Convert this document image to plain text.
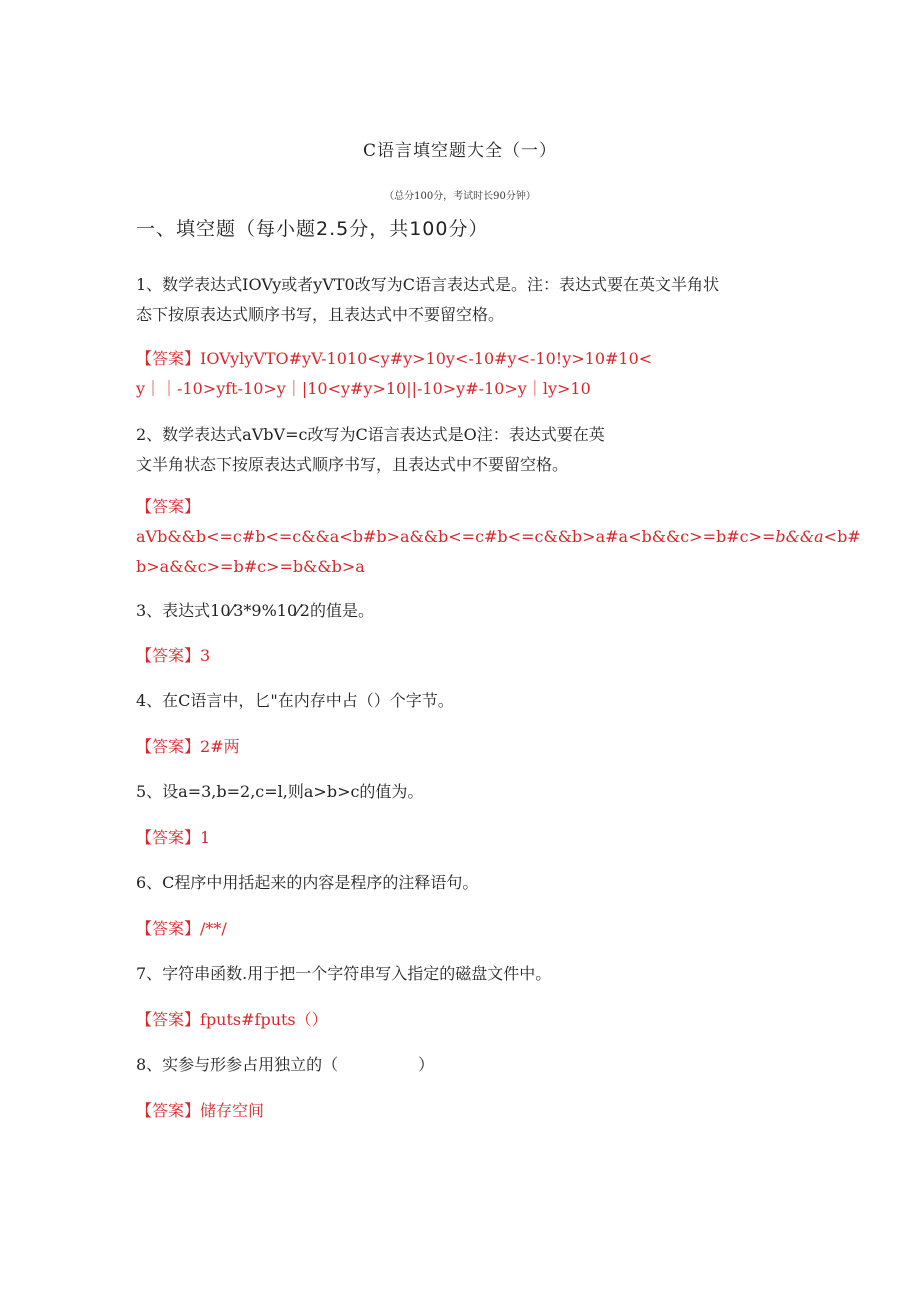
C语言填空题大全（一）
（总分100分，考试时长90分钟）
一、填空题（每小题2.5分，共100分）
1、数学表达式IOVy或者yVT0改写为C语言表达式是。注：表达式要在英文半角状
态下按原表达式顺序书写，且表达式中不要留空格。
【答案】IOVylyVTO#yV-1010<y#y>10y<-10#y<-10!y>10#10<
y｜｜-10>yft-10>y｜|10<y#y>10||-10>y#-10>y｜ly>10
2、数学表达式aVbV=c改写为C语言表达式是O注：表达式要在英
文半角状态下按原表达式顺序书写，且表达式中不要留空格。
【答案】
aVb&&b<=c#b<=c&&a<b#b>a&&b<=c#b<=c&&b>a#a<b&&c>=b#c>=b&&a<b#
b>a&&c>=b#c>=b&&b>a
3、表达式10⁄3*9%10⁄2的值是。
【答案】3
4、在C语言中，匕"在内存中占（）个字节。
【答案】2#两
5、设a=3,b=2,c=l,则a>b>c的值为。
【答案】1
6、C程序中用括起来的内容是程序的注释语句。
【答案】/**/
7、字符串函数.用于把一个字符串写入指定的磁盘文件中。
【答案】fputs#fputs（）
8、实参与形参占用独立的（　　　　　）
【答案】储存空间
